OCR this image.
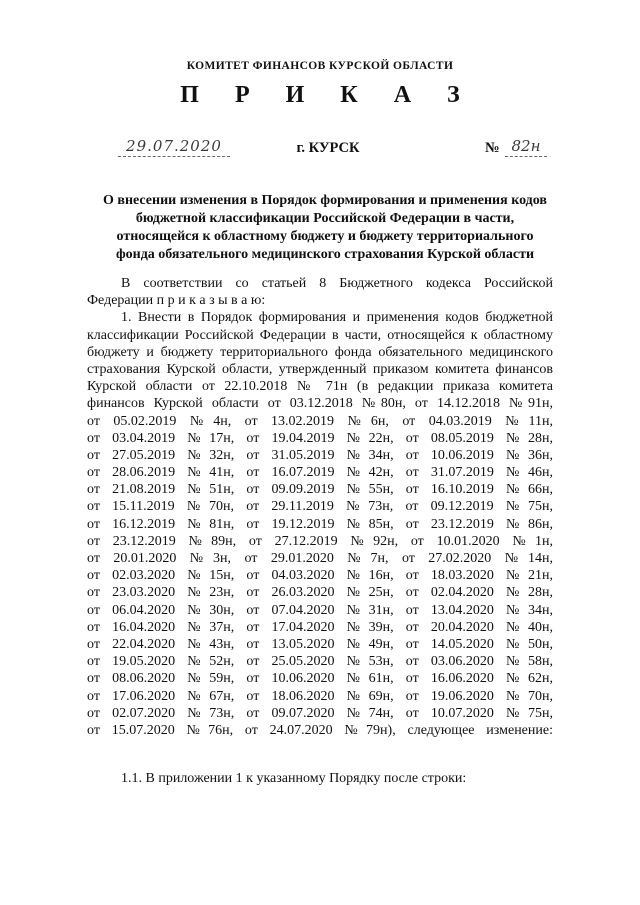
КОМИТЕТ ФИНАНСОВ КУРСКОЙ ОБЛАСТИ
П Р И К А З
29.07.2020	г. КУРСК	№ 82н
О внесении изменения в Порядок формирования и применения кодов
бюджетной классификации Российской Федерации в части,
относящейся к областному бюджету и бюджету территориального
фонда обязательного медицинского страхования Курской области
В соответствии со статьей 8 Бюджетного кодекса Российской
Федерации п р и к а з ы в а ю:
1. Внести в Порядок формирования и применения кодов бюджетной
классификации Российской Федерации в части, относящейся к областному
бюджету и бюджету территориального фонда обязательного медицинского
страхования Курской области, утвержденный приказом комитета финансов
Курской области от 22.10.2018 № 71н (в редакции приказа комитета
финансов Курской области от 03.12.2018 №80н, от 14.12.2018 №91н,
от 05.02.2019 №4н, от 13.02.2019 №6н, от 04.03.2019 №11н,
от 03.04.2019 №17н, от 19.04.2019 №22н, от 08.05.2019 №28н,
от 27.05.2019 №32н, от 31.05.2019 №34н, от 10.06.2019 №36н,
от 28.06.2019 №41н, от 16.07.2019 №42н, от 31.07.2019 №46н,
от 21.08.2019 №51н, от 09.09.2019 №55н, от 16.10.2019 №66н,
от 15.11.2019 №70н, от 29.11.2019 №73н, от 09.12.2019 №75н,
от 16.12.2019 №81н, от 19.12.2019 №85н, от 23.12.2019 №86н,
от 23.12.2019 №89н, от 27.12.2019 №92н, от 10.01.2020 №1н,
от 20.01.2020 №3н, от 29.01.2020 №7н, от 27.02.2020 №14н,
от 02.03.2020 №15н, от 04.03.2020 №16н, от 18.03.2020 №21н,
от 23.03.2020 №23н, от 26.03.2020 №25н, от 02.04.2020 №28н,
от 06.04.2020 №30н, от 07.04.2020 №31н, от 13.04.2020 №34н,
от 16.04.2020 №37н, от 17.04.2020 №39н, от 20.04.2020 №40н,
от 22.04.2020 №43н, от 13.05.2020 №49н, от 14.05.2020 №50н,
от 19.05.2020 №52н, от 25.05.2020 №53н, от 03.06.2020 №58н,
от 08.06.2020 №59н, от 10.06.2020 №61н, от 16.06.2020 №62н,
от 17.06.2020 №67н, от 18.06.2020 №69н, от 19.06.2020 №70н,
от 02.07.2020 №73н, от 09.07.2020 №74н, от 10.07.2020 №75н,
от 15.07.2020 №76н, от 24.07.2020 №79н), следующее изменение:
1.1. В приложении 1 к указанному Порядку после строки:
